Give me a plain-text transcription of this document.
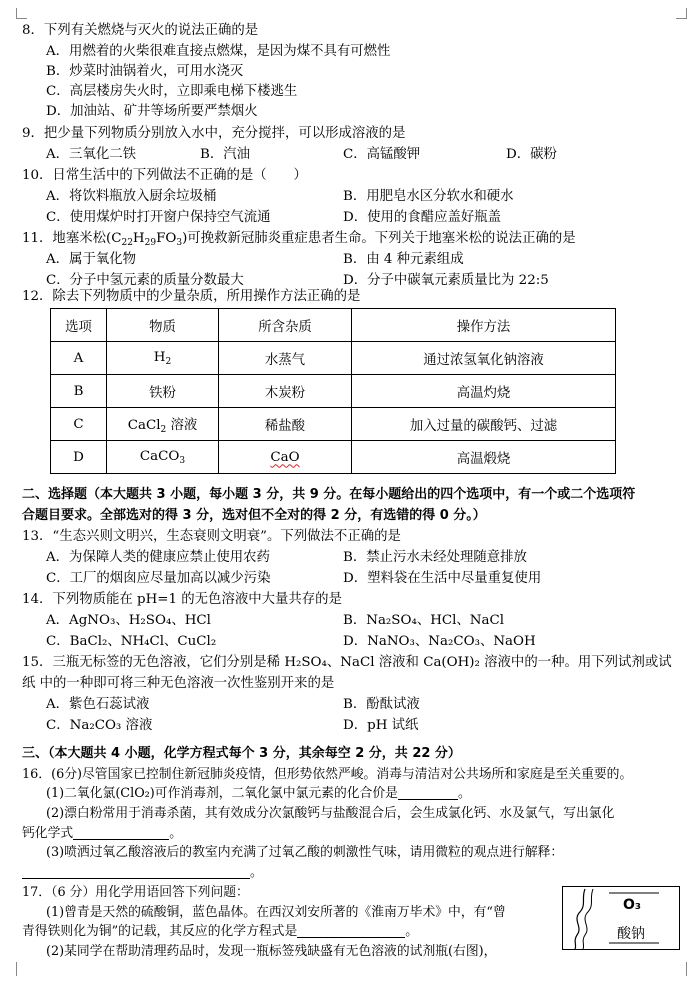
8．下列有关燃烧与灭火的说法正确的是
A．用燃着的火柴很难直接点燃煤，是因为煤不具有可燃性
B．炒菜时油锅着火，可用水浇灭
C．高层楼房失火时，立即乘电梯下楼逃生
D．加油站、矿井等场所要严禁烟火
9．把少量下列物质分别放入水中，充分搅拌，可以形成溶液的是
A．三氧化二铁	B．汽油	C．高锰酸钾	D．碳粉
10．日常生活中的下列做法不正确的是（　　）
A．将饮料瓶放入厨余垃圾桶	B．用肥皂水区分软水和硬水
C．使用煤炉时打开窗户保持空气流通	D．使用的食醋应盖好瓶盖
11．地塞米松$(C_{22}H_{29}FO_3)$可挽救新冠肺炎重症患者生命。下列关于地塞米松的说法正确的是
A．属于氧化物	B．由 4 种元素组成
C．分子中氢元素的质量分数最大	D．分子中碳氧元素质量比为 22:5
12．除去下列物质中的少量杂质，所用操作方法正确的是
选项	物质	所含杂质	操作方法
A	$H_2$	水蒸气	通过浓氢氧化钠溶液
B	铁粉	木炭粉	高温灼烧
C	CaCl$_2$ 溶液	稀盐酸	加入过量的碳酸钙、过滤
D	CaCO$_3$	CaO	高温煅烧
二、选择题（本大题共 3 小题，每小题 3 分，共 9 分。在每小题给出的四个选项中，有一个或二个选项符
合题目要求。全部选对的得 3 分，选对但不全对的得 2 分，有选错的得 0 分。）
13．“生态兴则文明兴，生态衰则文明衰”。下列做法不正确的是
A．为保障人类的健康应禁止使用农药	B．禁止污水未经处理随意排放
C．工厂的烟囱应尽量加高以减少污染	D．塑料袋在生活中尽量重复使用
14．下列物质能在 pH=1 的无色溶液中大量共存的是
A．AgNO₃、H₂SO₄、HCl	B．Na₂SO₄、HCl、NaCl
C．BaCl₂、NH₄Cl、CuCl₂	D．NaNO₃、Na₂CO₃、NaOH
15．三瓶无标签的无色溶液，它们分别是稀 H₂SO₄、NaCl 溶液和 Ca(OH)₂ 溶液中的一种。用下列试剂或试
纸 中的一种即可将三种无色溶液一次性鉴别开来的是
A．紫色石蕊试液	B．酚酞试液
C．Na₂CO₃ 溶液	D．pH 试纸
三、（本大题共 4 小题，化学方程式每个 3 分，其余每空 2 分，共 22 分）
16．(6分)尽管国家已控制住新冠肺炎疫情，但形势依然严峻。消毒与清洁对公共场所和家庭是至关重要的。
(1)二氧化氯(ClO₂)可作消毒剂，二氧化氯中氯元素的化合价是	。
(2)漂白粉常用于消毒杀菌，其有效成分次氯酸钙与盐酸混合后，会生成氯化钙、水及氯气，写出氯化
钙化学式	。
(3)喷洒过氧乙酸溶液后的教室内充满了过氧乙酸的刺激性气味，请用微粒的观点进行解释：
。
17．（6 分）用化学用语回答下列问题：
(1)曾青是天然的硫酸铜，蓝色晶体。在西汉刘安所著的《淮南万毕术》中，有“曾
青得铁则化为铜”的记载，其反应的化学方程式是	。
(2)某同学在帮助清理药品时，发现一瓶标签残缺盛有无色溶液的试剂瓶(右图)，
O₃
酸钠
